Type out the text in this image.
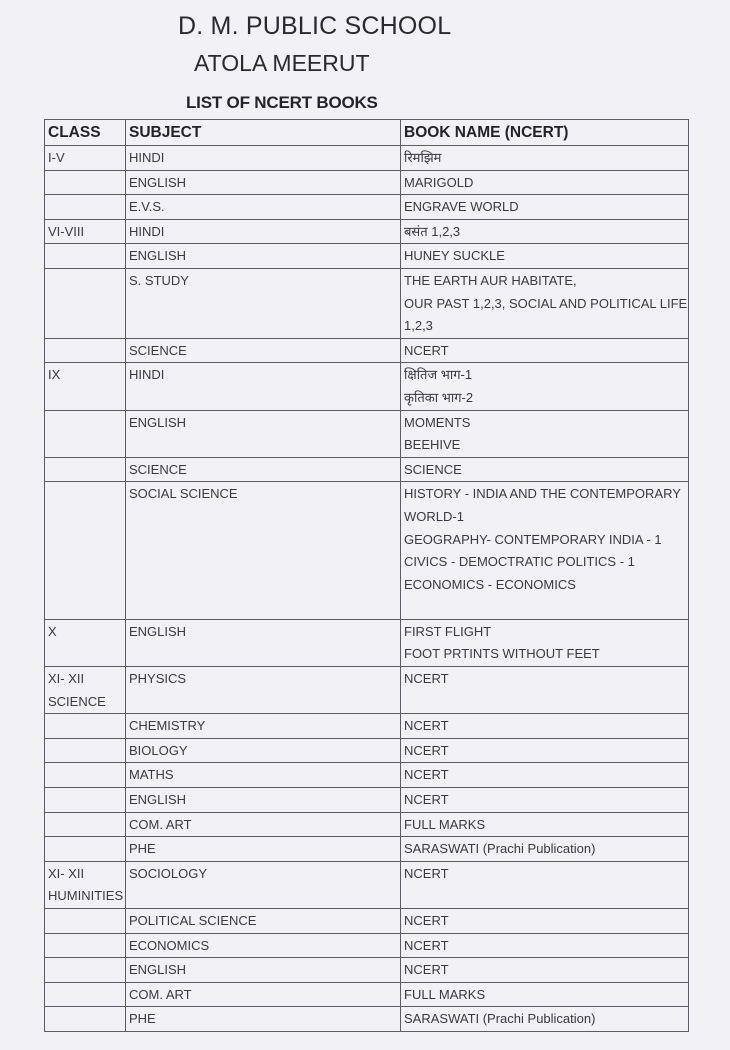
D. M. PUBLIC SCHOOL
ATOLA MEERUT
LIST OF NCERT BOOKS
CLASS	SUBJECT	BOOK NAME (NCERT)

I-V	HINDI	रिमझिम

	ENGLISH	MARIGOLD

	E.V.S.	ENGRAVE WORLD

VI-VIII	HINDI	बसंत 1,2,3

	ENGLISH	HUNEY SUCKLE

	S. STUDY	THE EARTH AUR HABITATE,
OUR PAST 1,2,3, SOCIAL AND POLITICAL LIFE
1,2,3

	SCIENCE	NCERT

IX	HINDI	क्षितिज भाग-1
कृतिका भाग-2

	ENGLISH	MOMENTS
BEEHIVE

	SCIENCE	SCIENCE

	SOCIAL SCIENCE	HISTORY - INDIA AND THE CONTEMPORARY
WORLD-1
GEOGRAPHY- CONTEMPORARY INDIA - 1
CIVICS - DEMOCTRATIC POLITICS - 1
ECONOMICS - ECONOMICS

X	ENGLISH	FIRST FLIGHT
FOOT PRTINTS WITHOUT FEET

XI- XII
SCIENCE	PHYSICS	NCERT

	CHEMISTRY	NCERT

	BIOLOGY	NCERT

	MATHS	NCERT

	ENGLISH	NCERT

	COM. ART	FULL MARKS

	PHE	SARASWATI (Prachi Publication)

XI- XII
HUMINITIES	SOCIOLOGY	NCERT

	POLITICAL SCIENCE	NCERT

	ECONOMICS	NCERT

	ENGLISH	NCERT

	COM. ART	FULL MARKS

	PHE	SARASWATI (Prachi Publication)
